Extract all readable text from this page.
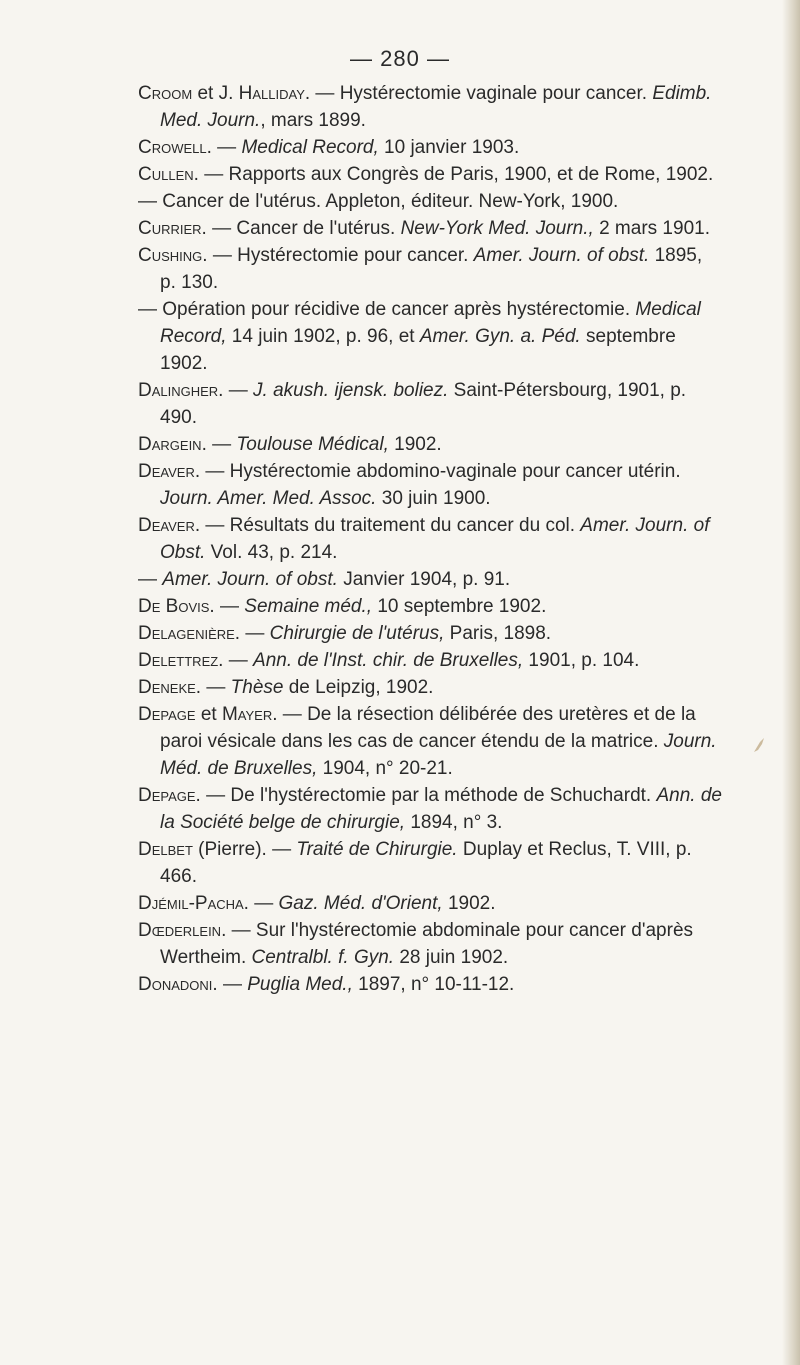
— 280 —

Croom et J. Halliday. — Hystérectomie vaginale pour cancer. Edimb. Med. Journ., mars 1899.

Crowell. — Medical Record, 10 janvier 1903.

Cullen. — Rapports aux Congrès de Paris, 1900, et de Rome, 1902.

— Cancer de l'utérus. Appleton, éditeur. New-York, 1900.

Currier. — Cancer de l'utérus. New-York Med. Journ., 2 mars 1901.

Cushing. — Hystérectomie pour cancer. Amer. Journ. of obst. 1895, p. 130.

— Opération pour récidive de cancer après hystérectomie. Medical Record, 14 juin 1902, p. 96, et Amer. Gyn. a. Péd. septembre 1902.

Dalingher. — J. akush. ijensk. boliez. Saint-Pétersbourg, 1901, p. 490.

Dargein. — Toulouse Médical, 1902.

Deaver. — Hystérectomie abdomino-vaginale pour cancer utérin. Journ. Amer. Med. Assoc. 30 juin 1900.

Deaver. — Résultats du traitement du cancer du col. Amer. Journ. of Obst. Vol. 43, p. 214.

— Amer. Journ. of obst. Janvier 1904, p. 91.

De Bovis. — Semaine méd., 10 septembre 1902.

Delagenière. — Chirurgie de l'utérus, Paris, 1898.

Delettrez. — Ann. de l'Inst. chir. de Bruxelles, 1901, p. 104.

Deneke. — Thèse de Leipzig, 1902.

Depage et Mayer. — De la résection délibérée des uretères et de la paroi vésicale dans les cas de cancer étendu de la matrice. Journ. Méd. de Bruxelles, 1904, n° 20-21.

Depage. — De l'hystérectomie par la méthode de Schuchardt. Ann. de la Société belge de chirurgie, 1894, n° 3.

Delbet (Pierre). — Traité de Chirurgie. Duplay et Reclus, T. VIII, p. 466.

Djémil-Pacha. — Gaz. Méd. d'Orient, 1902.

Dœderlein. — Sur l'hystérectomie abdominale pour cancer d'après Wertheim. Centralbl. f. Gyn. 28 juin 1902.

Donadoni. — Puglia Med., 1897, n° 10-11-12.
